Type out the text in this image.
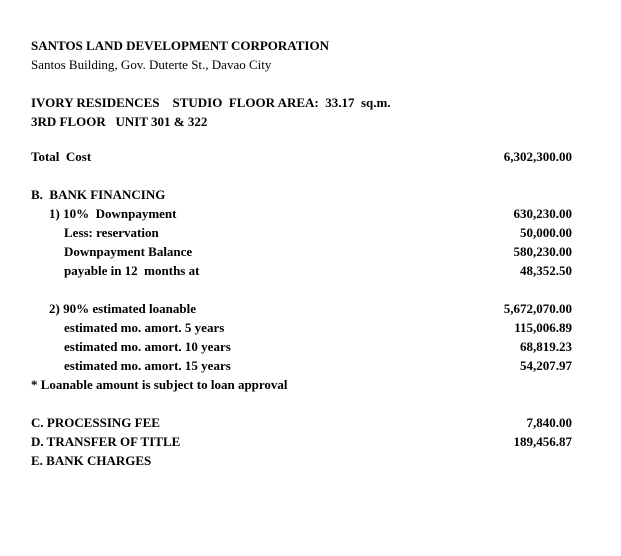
SANTOS LAND DEVELOPMENT CORPORATION
Santos Building, Gov. Duterte St., Davao City
IVORY RESIDENCES    STUDIO  FLOOR AREA:  33.17  sq.m.
3RD FLOOR   UNIT 301 & 322
Total  Cost	6,302,300.00
B.  BANK FINANCING
1) 10%  Downpayment	630,230.00
Less: reservation	50,000.00
Downpayment Balance	580,230.00
payable in 12  months at	48,352.50
2) 90% estimated loanable	5,672,070.00
estimated mo. amort. 5 years	115,006.89
estimated mo. amort. 10 years	68,819.23
estimated mo. amort. 15 years	54,207.97
* Loanable amount is subject to loan approval
C. PROCESSING FEE	7,840.00
D. TRANSFER OF TITLE	189,456.87
E. BANK CHARGES
